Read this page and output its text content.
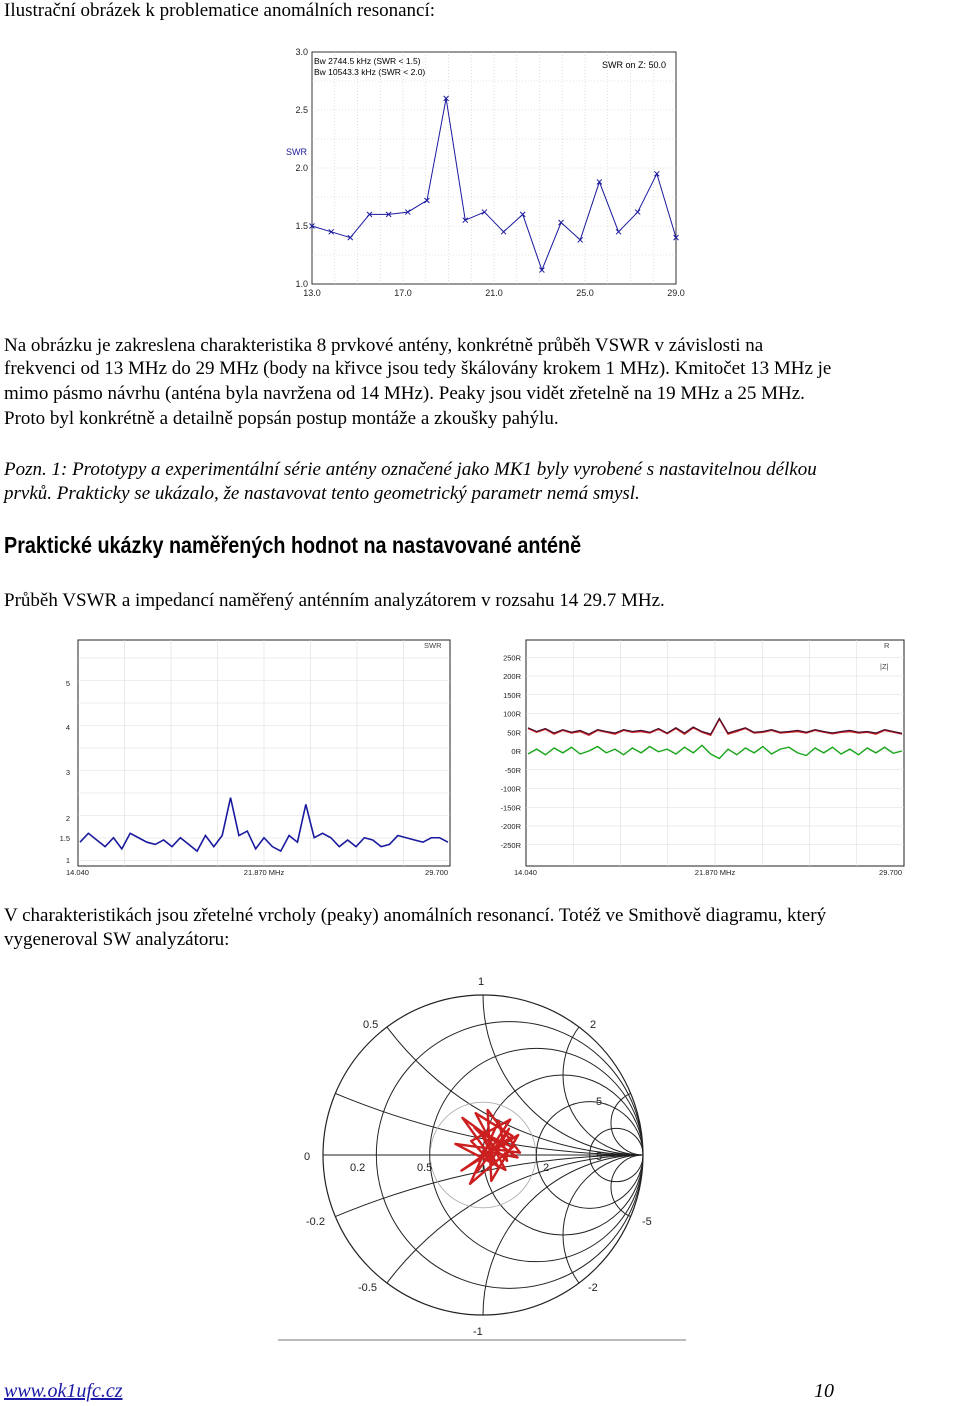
Ilustrační obrázek k problematice anomálních resonancí:
Na obrázku je zakreslena charakteristika 8 prvkové antény, konkrétně průběh VSWR v závislosti na
frekvenci od 13 MHz do 29 MHz (body na křivce jsou tedy škálovány krokem 1 MHz). Kmitočet 13 MHz je
mimo pásmo návrhu (anténa byla navržena od 14 MHz). Peaky jsou vidět zřetelně na 19 MHz a 25 MHz.
Proto byl konkrétně a detailně popsán postup montáže a zkoušky pahýlu.
Pozn. 1: Prototypy a experimentální série antény označené jako MK1 byly vyrobené s nastavitelnou délkou
prvků. Prakticky se ukázalo, že nastavovat tento geometrický parametr nemá smysl.
Praktické ukázky naměřených hodnot na nastavované anténě
Průběh VSWR a impedancí naměřený anténním analyzátorem v rozsahu 14 29.7 MHz.
V charakteristikách jsou zřetelné vrcholy (peaky) anomálních resonancí. Totéž ve Smithově diagramu, který
vygeneroval SW analyzátoru:
www.ok1ufc.cz	10
13.0	17.0	21.0	25.0	29.0
1.0
1.5
2.0
2.5
3.0
SWR
Bw 2744.5 kHz (SWR < 1.5)
Bw 10543.3 kHz (SWR < 2.0)
SWR on Z: 50.0
1
1.5
2
3
4
5
14.040	21.870 MHz	29.700
SWR
250R
200R
150R
100R
50R
0R
-50R
-100R
-150R
-200R
-250R
14.040	21.870 MHz	29.700
R
|Z|
0
-0.2
-0.5
1
0.5	2
0.2	0.5	1	2
5
5
-5
-2
-1
